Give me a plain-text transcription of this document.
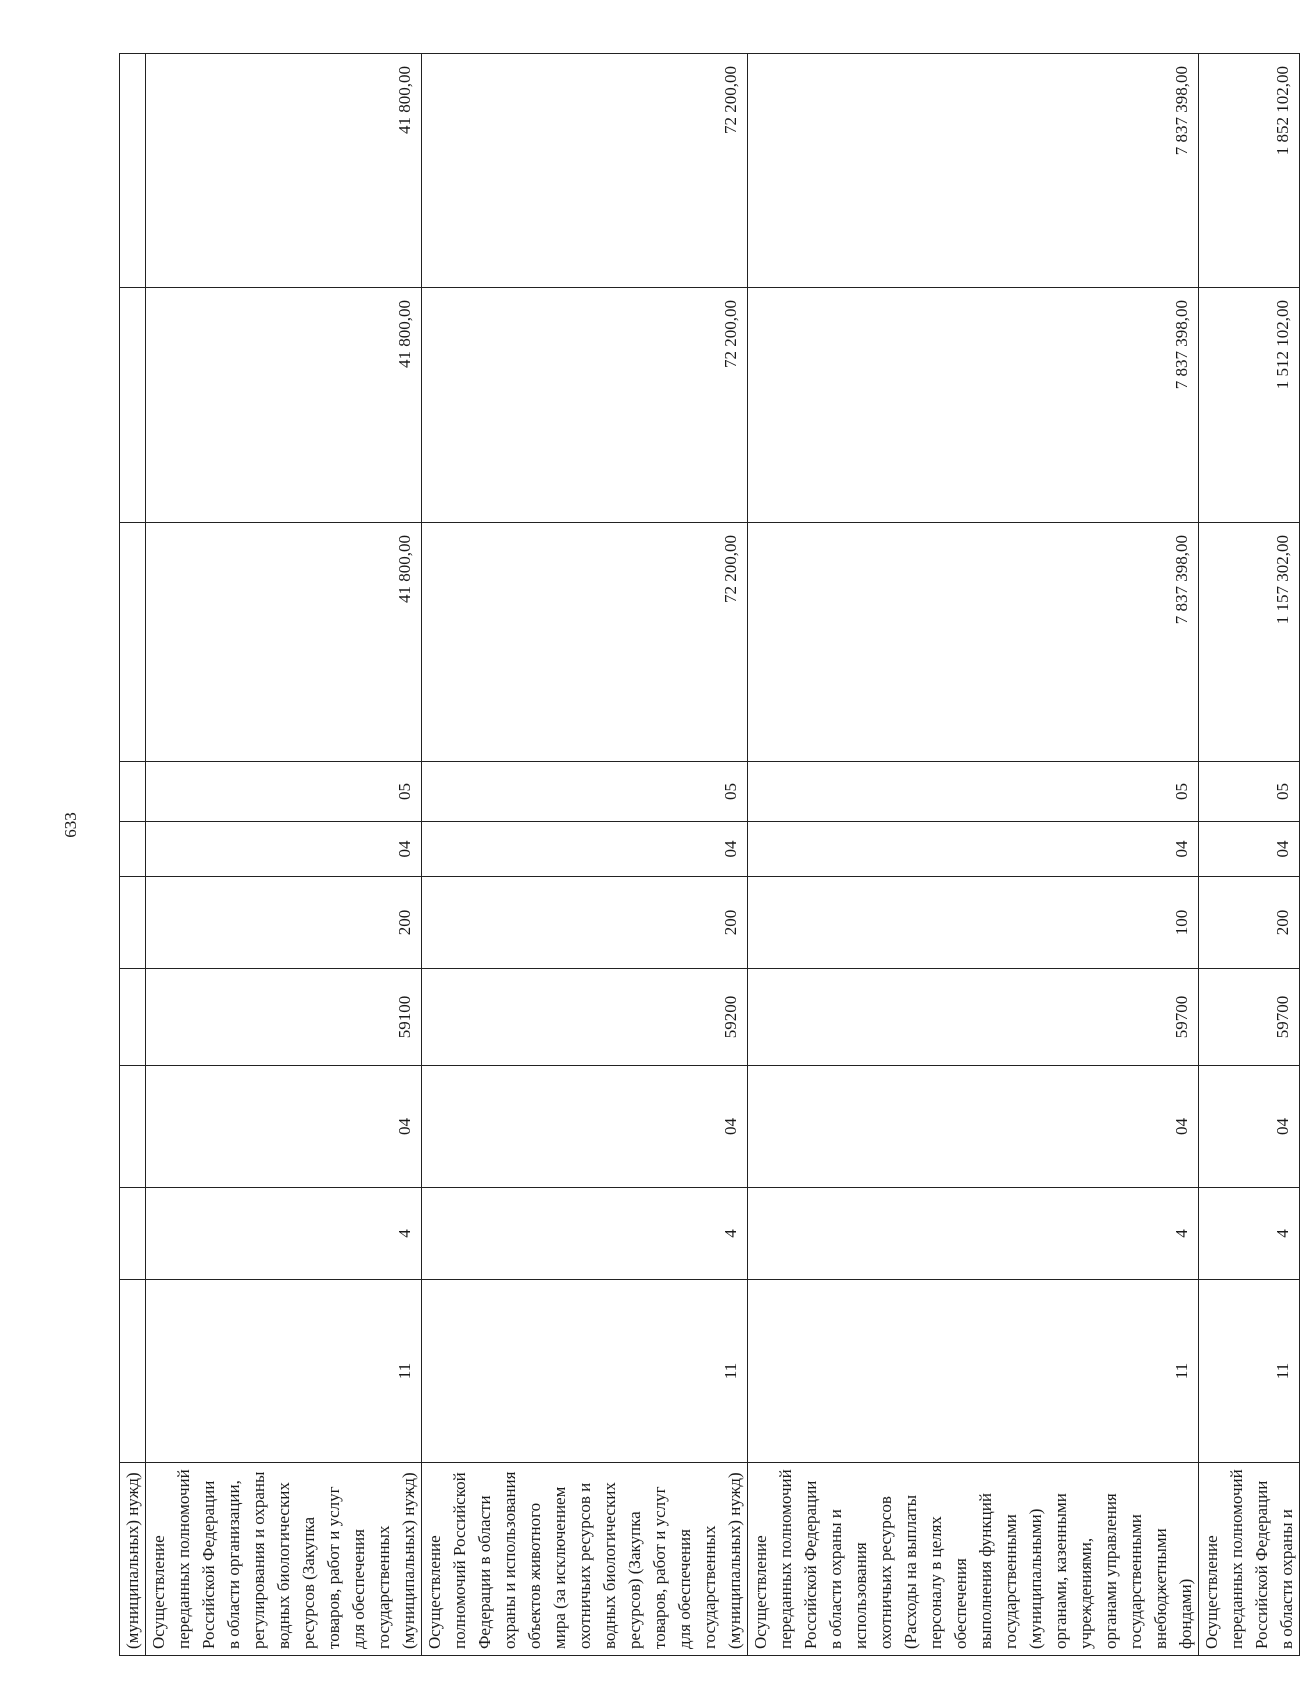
633
(муниципальных) нужд)										
Осуществление переданных полномочий Российской Федерации в области организации, регулирования и охраны водных биологических ресурсов (Закупка товаров, работ и услуг для обеспечения государственных (муниципальных) нужд)	11	4	04	59100	200	04	05	41 800,00	41 800,00	41 800,00
Осуществление полномочий Российской Федерации в области охраны и использования объектов животного мира (за исключением охотничьих ресурсов и водных биологических ресурсов) (Закупка товаров, работ и услуг для обеспечения государственных (муниципальных) нужд)	11	4	04	59200	200	04	05	72 200,00	72 200,00	72 200,00
Осуществление переданных полномочий Российской Федерации в области охраны и использования охотничьих ресурсов (Расходы на выплаты персоналу в целях обеспечения выполнения функций государственными (муниципальными) органами, казенными учреждениями, органами управления государственными внебюджетными фондами)	11	4	04	59700	100	04	05	7 837 398,00	7 837 398,00	7 837 398,00
Осуществление переданных полномочий Российской Федерации в области охраны и	11	4	04	59700	200	04	05	1 157 302,00	1 512 102,00	1 852 102,00
